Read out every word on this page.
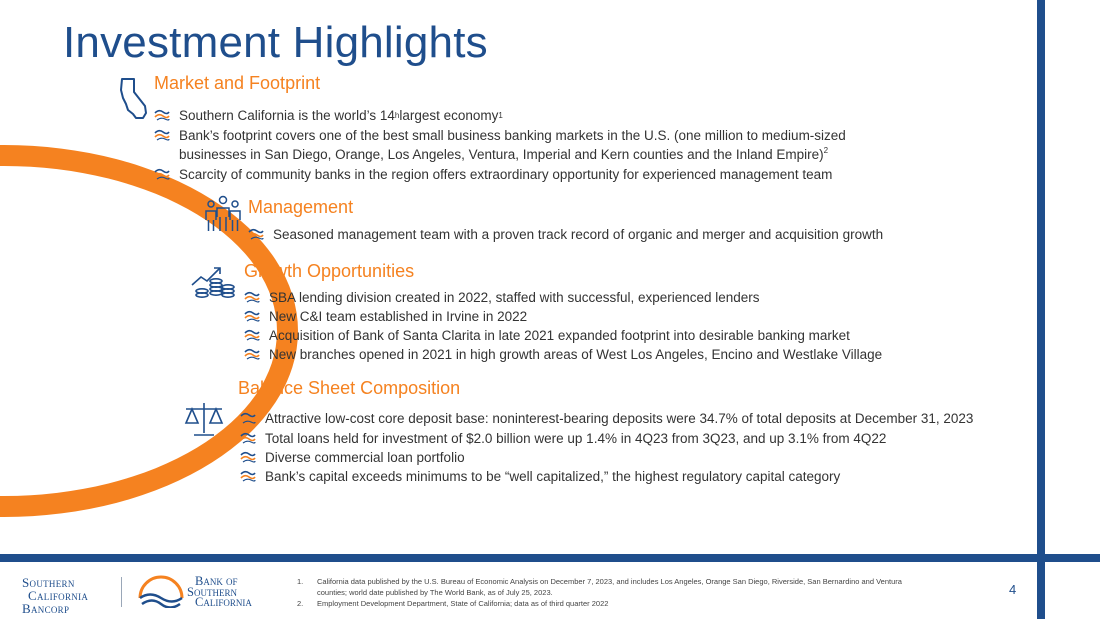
Investment Highlights
Market and Footprint
Southern California is the world’s 14 h largest economy 1
Bank’s footprint covers one of the best small business banking markets in the U.S. (one million to medium-sized
businesses in San Diego, Orange, Los Angeles, Ventura, Imperial and Kern counties and the Inland Empire)$^2$
Scarcity of community banks in the region offers extraordinary opportunity for experienced management team
Management
Seasoned management team with a proven track record of organic and merger and acquisition growth
Growth Opportunities
SBA lending division created in 2022, staffed with successful, experienced lenders
New C&I team established in Irvine in 2022
Acquisition of Bank of Santa Clarita in late 2021 expanded footprint into desirable banking market
New branches opened in 2021 in high growth areas of West Los Angeles, Encino and Westlake Village
Balance Sheet Composition
Attractive low-cost core deposit base: noninterest-bearing deposits were 34.7% of total deposits at December 31, 2023
Total loans held for investment of $2.0 billion were up 1.4% in 4Q23 from 3Q23, and up 3.1% from 4Q22
Diverse commercial loan portfolio
Bank’s capital exceeds minimums to be “well capitalized,” the highest regulatory capital category
Southern
California
Bancorp
Bank of
Southern
California
1.	California data published by the U.S. Bureau of Economic Analysis on December 7, 2023, and includes Los Angeles, Orange San Diego, Riverside, San Bernardino and Ventura
counties; world date published by The World Bank, as of July 25, 2023.
2.	Employment Development Department, State of California; data as of third quarter 2022
4
